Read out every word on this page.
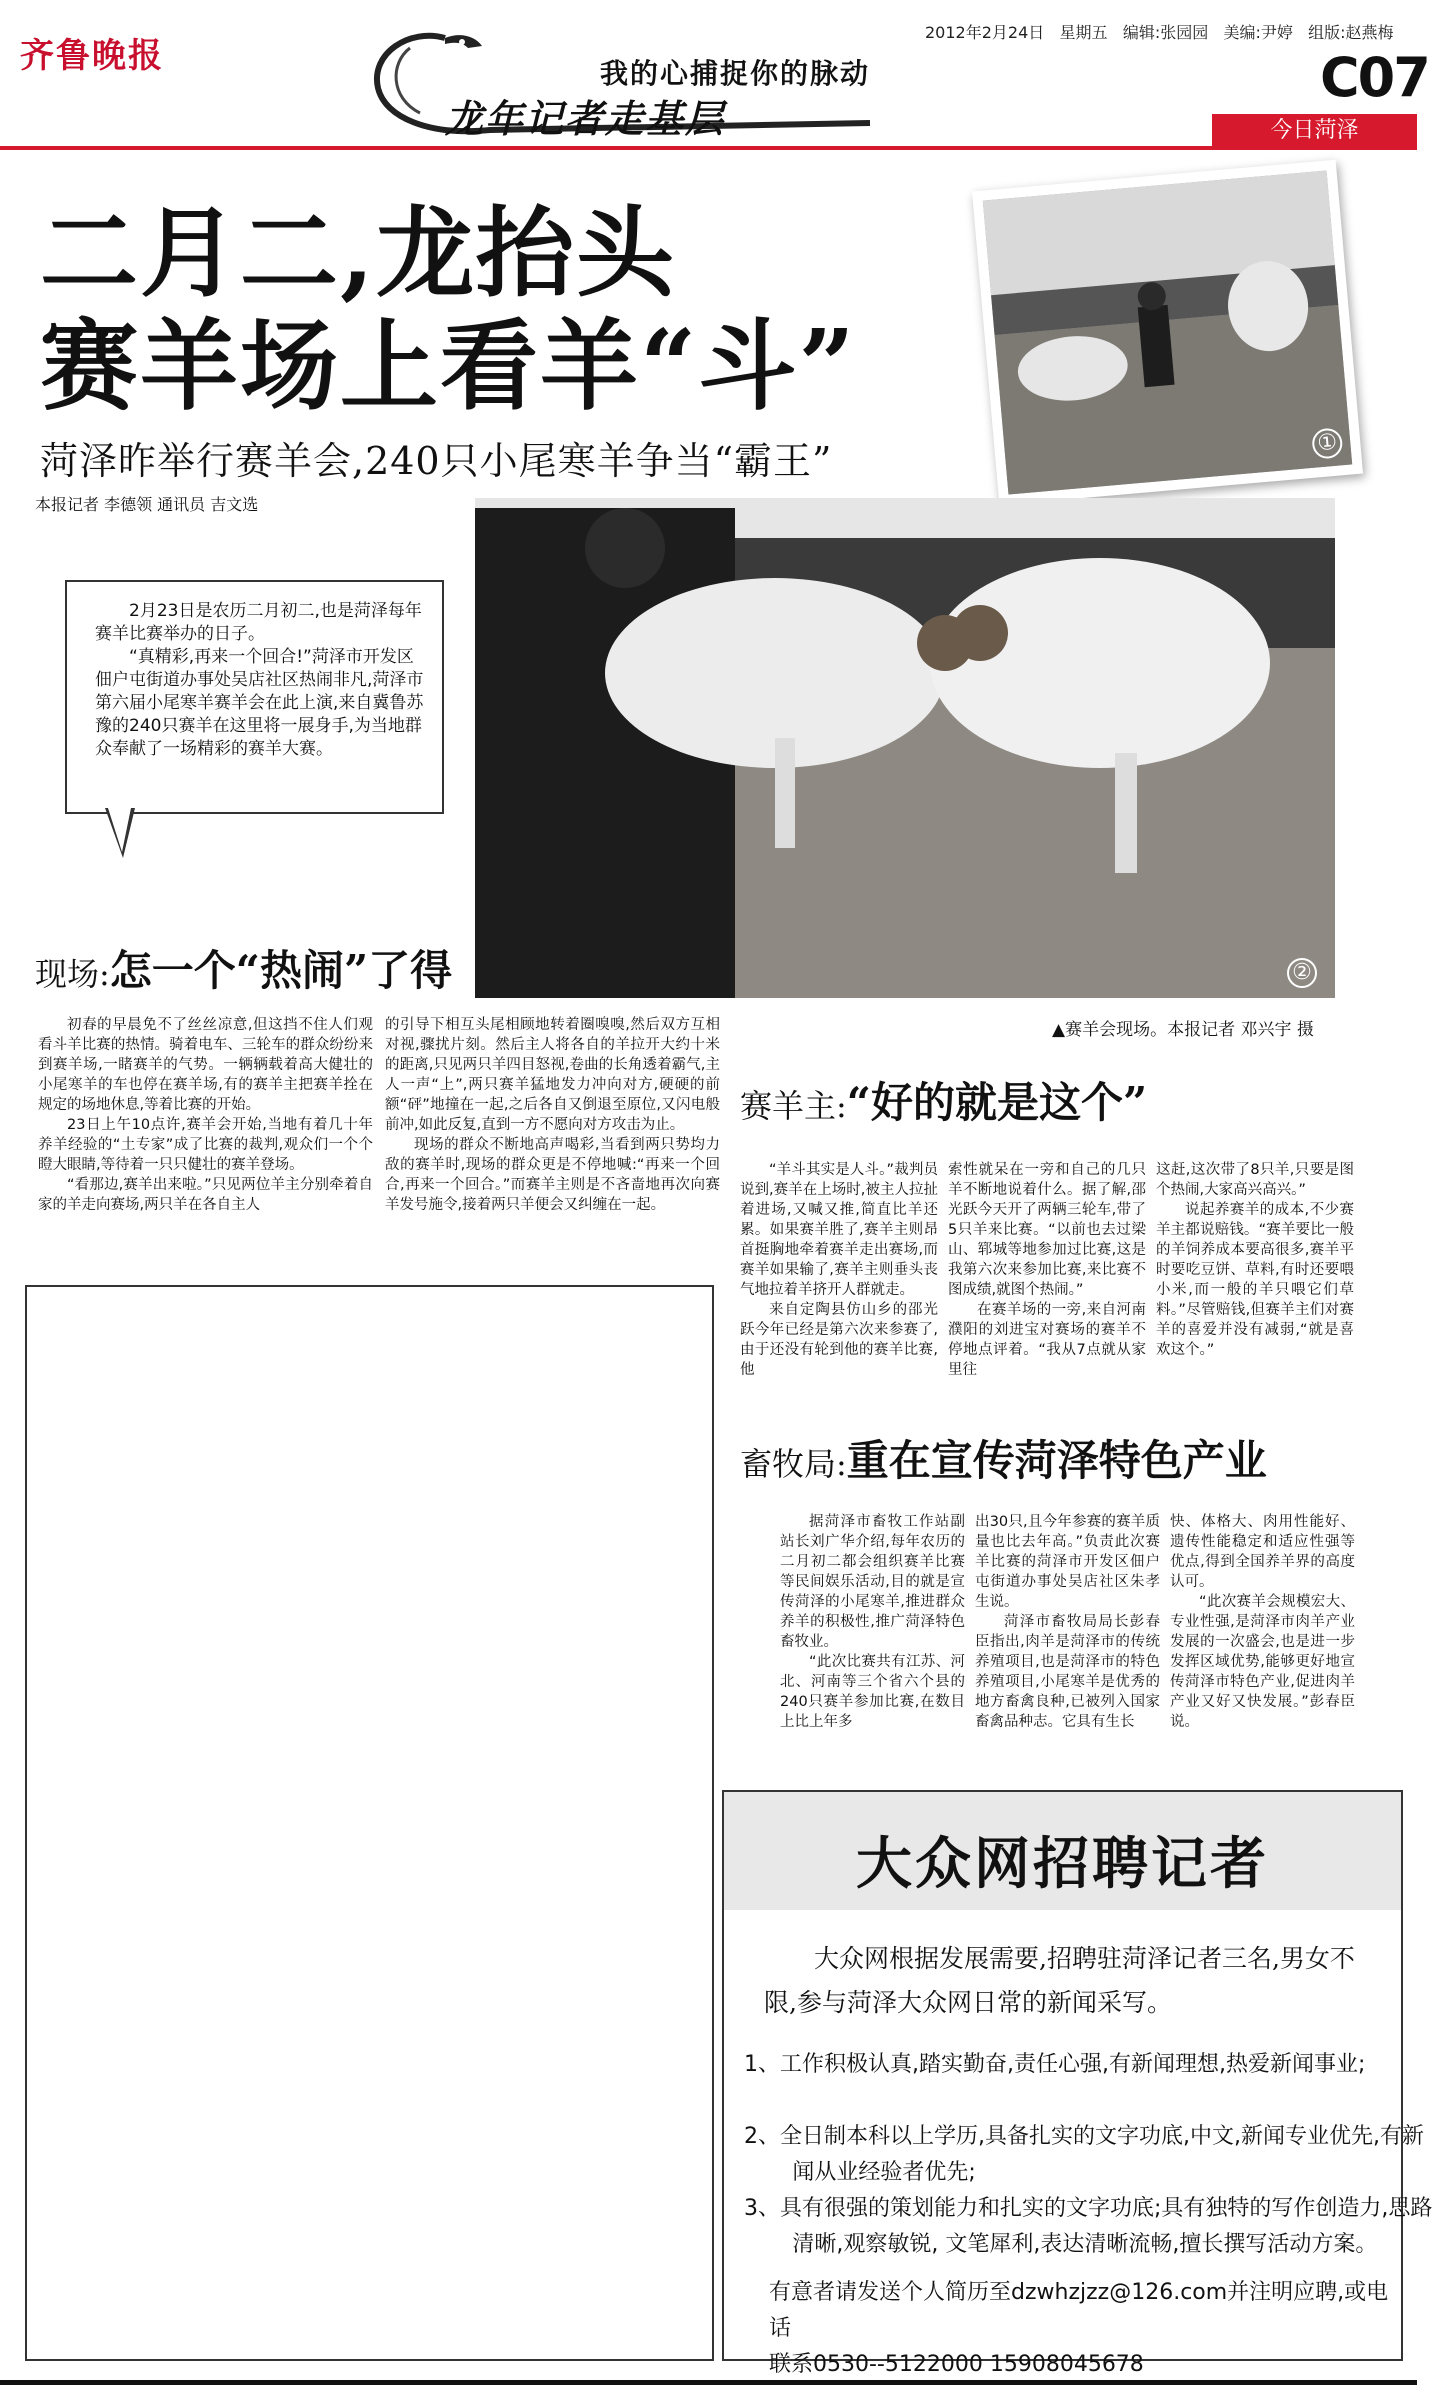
齐鲁晚报	我的心捕捉你的脉动
龙年记者走基层
2012年2月24日 星期五 编辑:张园园 美编:尹婷 组版:赵燕梅
C07
今日菏泽
二月二,龙抬头
赛羊场上看羊“斗”
菏泽昨举行赛羊会,240只小尾寒羊争当“霸王”
本报记者 李德领 通讯员 吉文选
①
②
▲赛羊会现场。本报记者 邓兴宇 摄

2月23日是农历二月初二,也是菏泽每年赛羊比赛举办的日子。

“真精彩,再来一个回合!”菏泽市开发区佃户屯街道办事处吴店社区热闹非凡,菏泽市第六届小尾寒羊赛羊会在此上演,来自冀鲁苏豫的240只赛羊在这里将一展身手,为当地群众奉献了一场精彩的赛羊大赛。

现场:怎一个“热闹”了得

初春的早晨免不了丝丝凉意,但这挡不住人们观看斗羊比赛的热情。骑着电车、三轮车的群众纷纷来到赛羊场,一睹赛羊的气势。一辆辆载着高大健壮的小尾寒羊的车也停在赛羊场,有的赛羊主把赛羊拴在规定的场地休息,等着比赛的开始。

23日上午10点许,赛羊会开始,当地有着几十年养羊经验的“土专家”成了比赛的裁判,观众们一个个瞪大眼睛,等待着一只只健壮的赛羊登场。

“看那边,赛羊出来啦。”只见两位羊主分别牵着自家的羊走向赛场,两只羊在各自主人

的引导下相互头尾相顾地转着圈嗅嗅,然后双方互相对视,骤扰片刻。然后主人将各自的羊拉开大约十米的距离,只见两只羊四目怒视,卷曲的长角透着霸气,主人一声“上”,两只赛羊猛地发力冲向对方,硬硬的前额“砰”地撞在一起,之后各自又倒退至原位,又闪电般前冲,如此反复,直到一方不愿向对方攻击为止。

现场的群众不断地高声喝彩,当看到两只势均力敌的赛羊时,现场的群众更是不停地喊:“再来一个回合,再来一个回合。”而赛羊主则是不吝啬地再次向赛羊发号施令,接着两只羊便会又纠缠在一起。

赛羊主:“好的就是这个”

“羊斗其实是人斗。”裁判员说到,赛羊在上场时,被主人拉扯着进场,又喊又推,简直比羊还累。如果赛羊胜了,赛羊主则昂首挺胸地牵着赛羊走出赛场,而赛羊如果输了,赛羊主则垂头丧气地拉着羊挤开人群就走。

来自定陶县仿山乡的邵光跃今年已经是第六次来参赛了,由于还没有轮到他的赛羊比赛,他

索性就呆在一旁和自己的几只羊不断地说着什么。据了解,邵光跃今天开了两辆三轮车,带了5只羊来比赛。“以前也去过梁山、郓城等地参加过比赛,这是我第六次来参加比赛,来比赛不图成绩,就图个热闹。”

在赛羊场的一旁,来自河南濮阳的刘进宝对赛场的赛羊不停地点评着。“我从7点就从家里往

这赶,这次带了8只羊,只要是图个热闹,大家高兴高兴。”

说起养赛羊的成本,不少赛羊主都说赔钱。“赛羊要比一般的羊饲养成本要高很多,赛羊平时要吃豆饼、草料,有时还要喂小米,而一般的羊只喂它们草料。”尽管赔钱,但赛羊主们对赛羊的喜爱并没有减弱,“就是喜欢这个。”

畜牧局:重在宣传菏泽特色产业

据菏泽市畜牧工作站副站长刘广华介绍,每年农历的二月初二都会组织赛羊比赛等民间娱乐活动,目的就是宣传菏泽的小尾寒羊,推进群众养羊的积极性,推广菏泽特色畜牧业。

“此次比赛共有江苏、河北、河南等三个省六个县的240只赛羊参加比赛,在数目上比上年多

出30只,且今年参赛的赛羊质量也比去年高。”负责此次赛羊比赛的菏泽市开发区佃户屯街道办事处吴店社区朱孝生说。

菏泽市畜牧局局长彭春臣指出,肉羊是菏泽市的传统养殖项目,也是菏泽市的特色养殖项目,小尾寒羊是优秀的地方畜禽良种,已被列入国家畜禽品种志。它具有生长

快、体格大、肉用性能好、遗传性能稳定和适应性强等优点,得到全国养羊界的高度认可。

“此次赛羊会规模宏大、专业性强,是菏泽市肉羊产业发展的一次盛会,也是进一步发挥区域优势,能够更好地宣传菏泽市特色产业,促进肉羊产业又好又快发展。”彭春臣说。

大众网招聘记者
大众网根据发展需要,招聘驻菏泽记者三名,男女不限,参与菏泽大众网日常的新闻采写。
1、工作积极认真,踏实勤奋,责任心强,有新闻理想,热爱新闻事业;
2、全日制本科以上学历,具备扎实的文字功底,中文,新闻专业优先,有新闻从业经验者优先;
3、具有很强的策划能力和扎实的文字功底;具有独特的写作创造力,思路清晰,观察敏锐, 文笔犀利,表达清晰流畅,擅长撰写活动方案。
有意者请发送个人简历至dzwhzjzz@126.com并注明应聘,或电话
联系0530--5122000 15908045678
